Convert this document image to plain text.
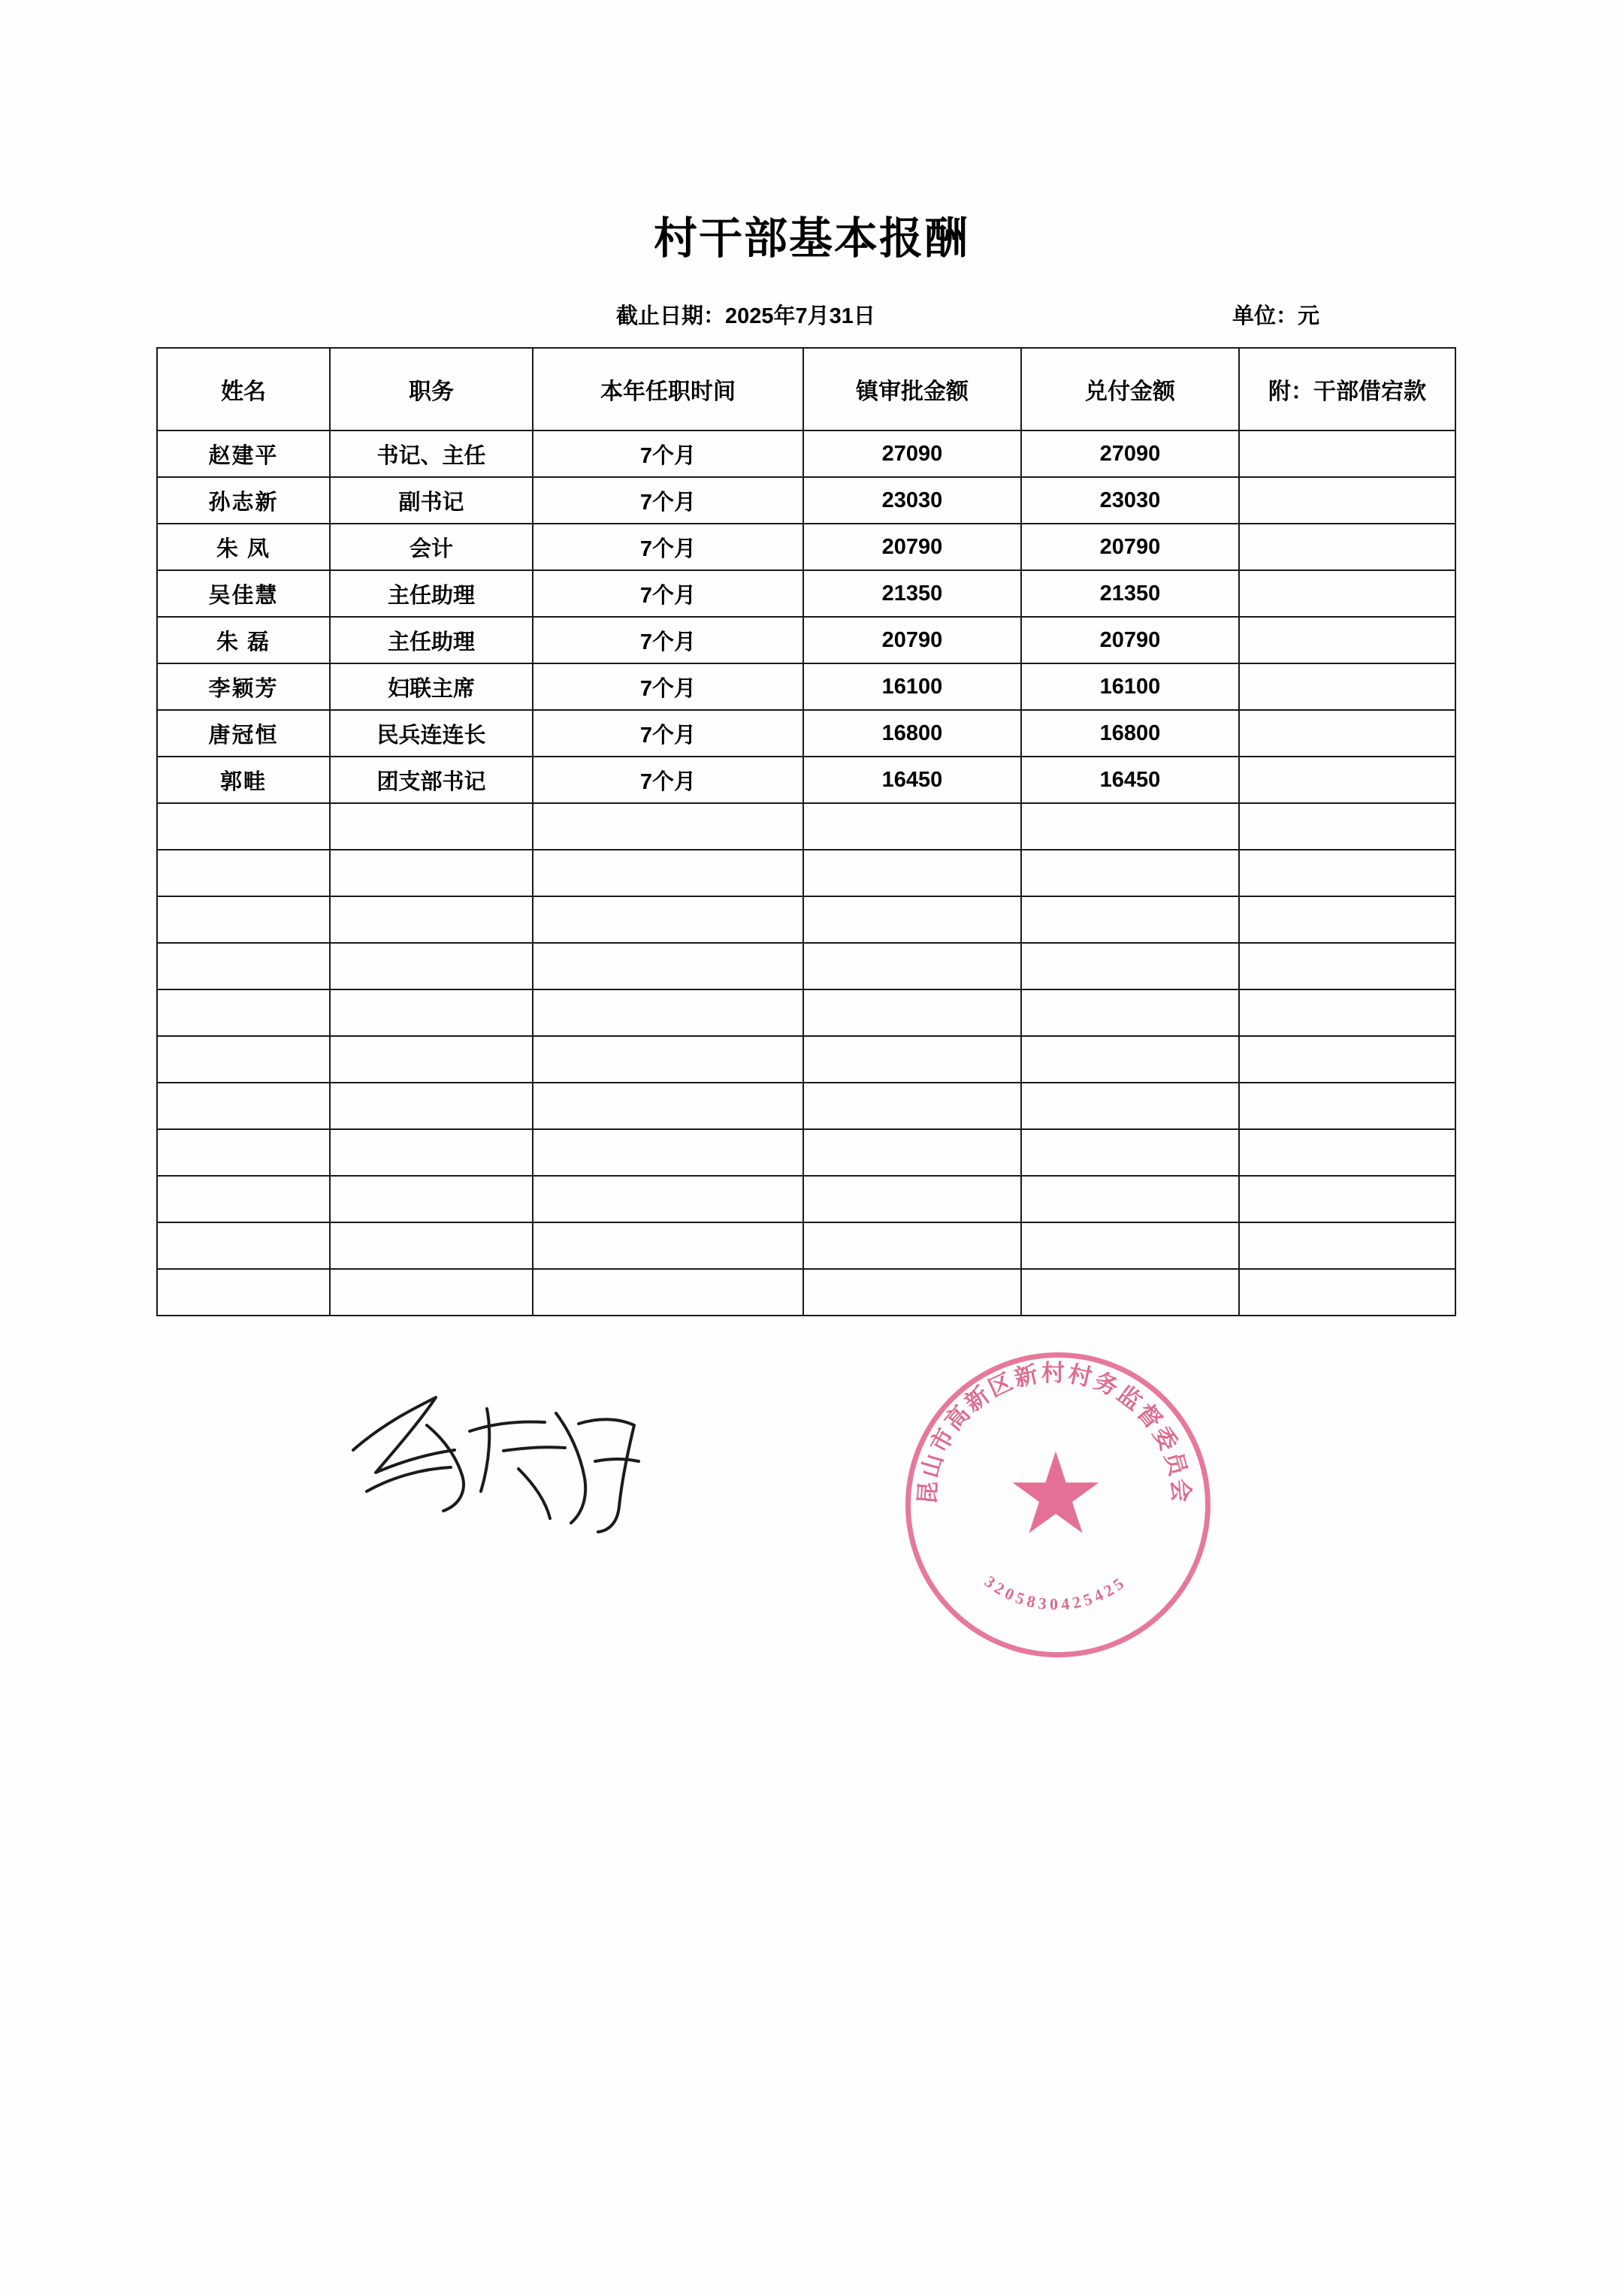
村干部基本报酬
截止日期：2025年7月31日	单位：元
姓名	职务	本年任职时间	镇审批金额	兑付金额	附：干部借宕款
赵建平	书记、主任	7个月	27090	27090	
孙志新	副书记	7个月	23030	23030	
朱 凤	会计	7个月	20790	20790	
吴佳慧	主任助理	7个月	21350	21350	
朱 磊	主任助理	7个月	20790	20790	
李颖芳	妇联主席	7个月	16100	16100	
唐冠恒	民兵连连长	7个月	16800	16800	
郭畦	团支部书记	7个月	16450	16450	

昆山市高新区新村村务监督委员会
3205830425425
★
